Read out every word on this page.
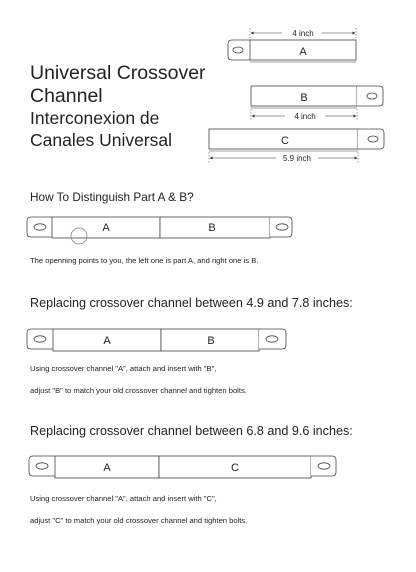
Universal Crossover
Channel
Interconexion de
Canales Universal
How To Distinguish Part A & B?
The openning points to you, the left one is part A, and right one is B.
Replacing crossover channel between 4.9 and 7.8 inches:
Using crossover channel "A", attach and insert with "B",
adjust "B" to match your old crossover channel and tighten bolts.
Replacing crossover channel between 6.8 and 9.6 inches:
Using crossover channel "A", attach and insert with "C",
adjust "C" to match your old crossover channel and tighten bolts.
A
4 inch
B
4 inch
C
5.9 inch
A	B
A	B
A	C
